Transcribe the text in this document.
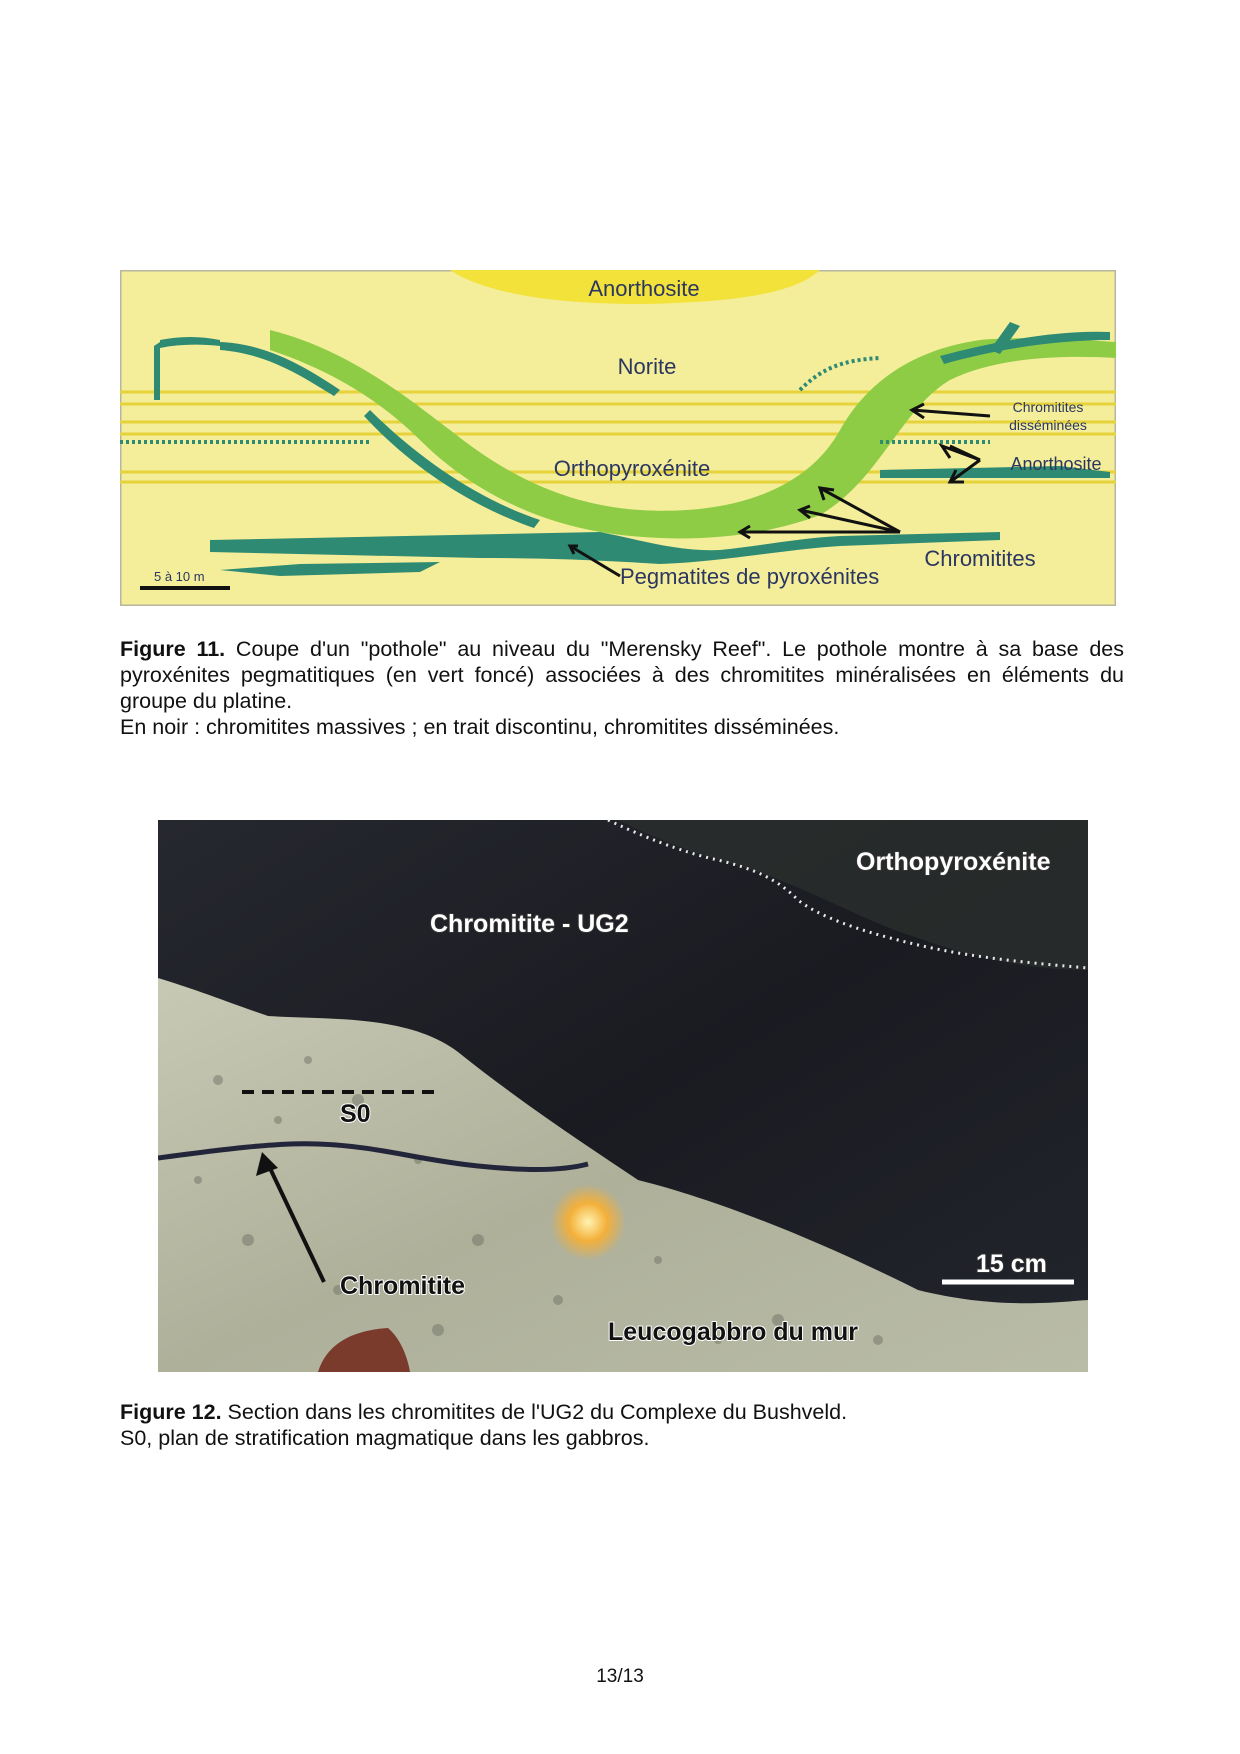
Anorthosite
Norite
Orthopyroxénite
Chromitites
disséminées
Anorthosite
Chromitites
Pegmatites de pyroxénites
5 à 10 m
Figure 11. Coupe d'un "pothole" au niveau du "Merensky Reef". Le pothole montre à sa base des pyroxénites pegmatitiques (en vert foncé) associées à des chromitites minéralisées en éléments du groupe du platine.
En noir : chromitites massives ; en trait discontinu, chromitites disséminées.
Orthopyroxénite
Chromitite - UG2
S0
Chromitite
15 cm
Leucogabbro du mur
Figure 12. Section dans les chromitites de l'UG2 du Complexe du Bushveld.
S0, plan de stratification magmatique dans les gabbros.
13/13
